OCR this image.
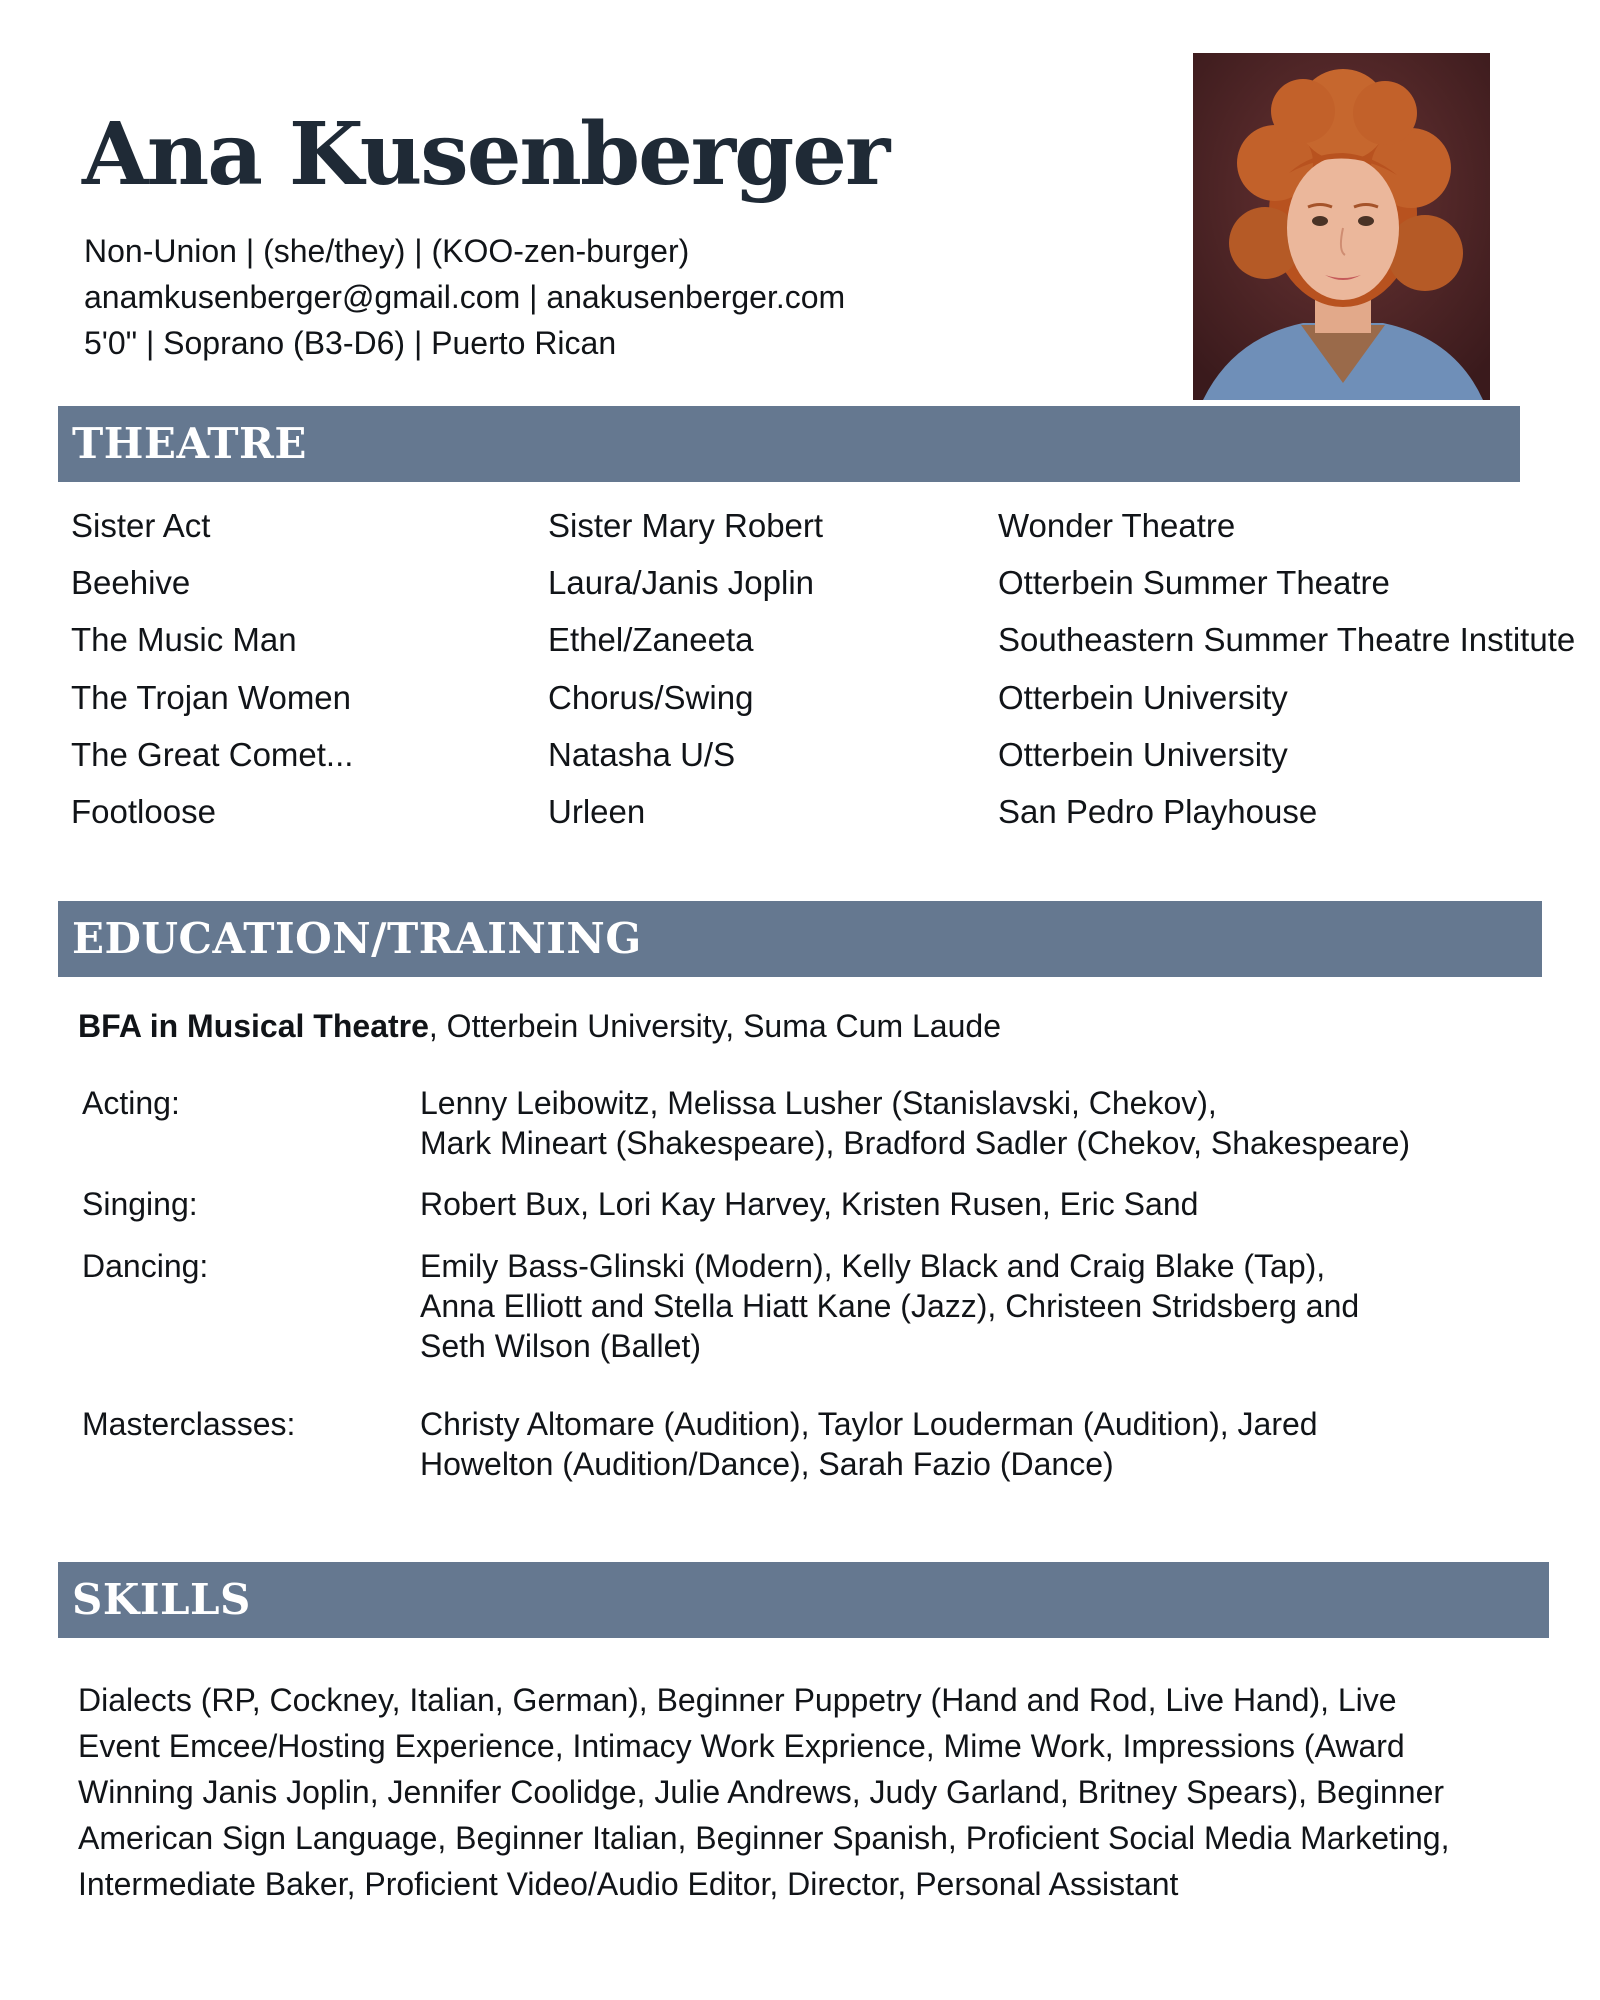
Ana Kusenberger
Non-Union | (she/they) | (KOO-zen-burger)
anamkusenberger@gmail.com | anakusenberger.com
5'0" | Soprano (B3-D6) | Puerto Rican
THEATRE
Sister Act	Sister Mary Robert	Wonder Theatre
Beehive	Laura/Janis Joplin	Otterbein Summer Theatre
The Music Man	Ethel/Zaneeta	Southeastern Summer Theatre Institute
The Trojan Women	Chorus/Swing	Otterbein University
The Great Comet...	Natasha U/S	Otterbein University
Footloose	Urleen	San Pedro Playhouse
EDUCATION/TRAINING
BFA in Musical Theatre, Otterbein University, Suma Cum Laude
Acting:	Lenny Leibowitz, Melissa Lusher (Stanislavski, Chekov),
Mark Mineart (Shakespeare), Bradford Sadler (Chekov, Shakespeare)
Singing:	Robert Bux, Lori Kay Harvey, Kristen Rusen, Eric Sand
Dancing:	Emily Bass-Glinski (Modern), Kelly Black and Craig Blake (Tap),
Anna Elliott and Stella Hiatt Kane (Jazz), Christeen Stridsberg and
Seth Wilson (Ballet)
Masterclasses:	Christy Altomare (Audition), Taylor Louderman (Audition), Jared
Howelton (Audition/Dance), Sarah Fazio (Dance)
SKILLS
Dialects (RP, Cockney, Italian, German), Beginner Puppetry (Hand and Rod, Live Hand), Live
Event Emcee/Hosting Experience, Intimacy Work Exprience, Mime Work, Impressions (Award
Winning Janis Joplin, Jennifer Coolidge, Julie Andrews, Judy Garland, Britney Spears), Beginner
American Sign Language, Beginner Italian, Beginner Spanish, Proficient Social Media Marketing,
Intermediate Baker, Proficient Video/Audio Editor, Director, Personal Assistant
